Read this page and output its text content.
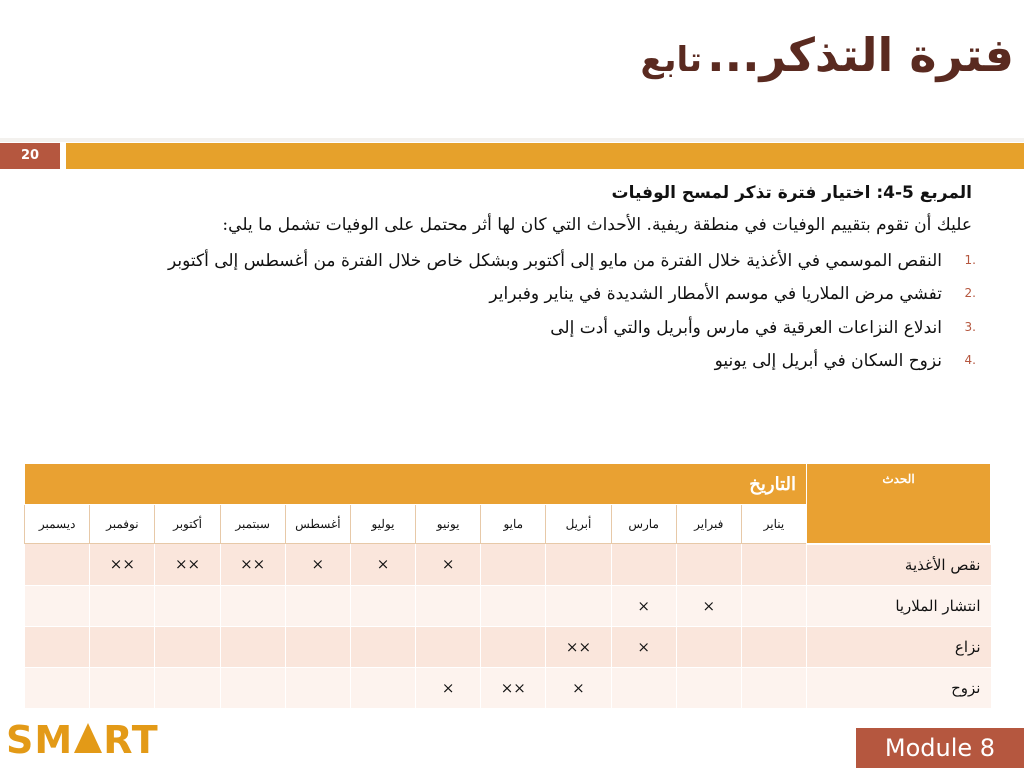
فترة التذكر... تابع
20
المربع 5-4: اختيار فترة تذكر لمسح الوفيات
عليك أن تقوم بتقييم الوفيات في منطقة ريفية. الأحداث التي كان لها أثر محتمل على الوفيات تشمل ما يلي:
1.
النقص الموسمي في الأغذية خلال الفترة من مايو إلى أكتوبر وبشكل خاص خلال الفترة من أغسطس إلى أكتوبر
2.
تفشي مرض الملاريا في موسم الأمطار الشديدة في يناير وفبراير
3.
اندلاع النزاعات العرقية في مارس وأبريل والتي أدت إلى
4.
نزوح السكان في أبريل إلى يونيو
الحدث	التاريخ											
	يناير	فبراير	مارس	أبريل	مايو	يونيو	يوليو	أغسطس	سبتمبر	أكتوبر	نوفمبر	ديسمبر
نقص الأغذية						×	×	×	××	××	××	
انتشار الملاريا		×	×									
نزاع			×	××								
نزوح				×	××	×						
SM RT	Module 8
